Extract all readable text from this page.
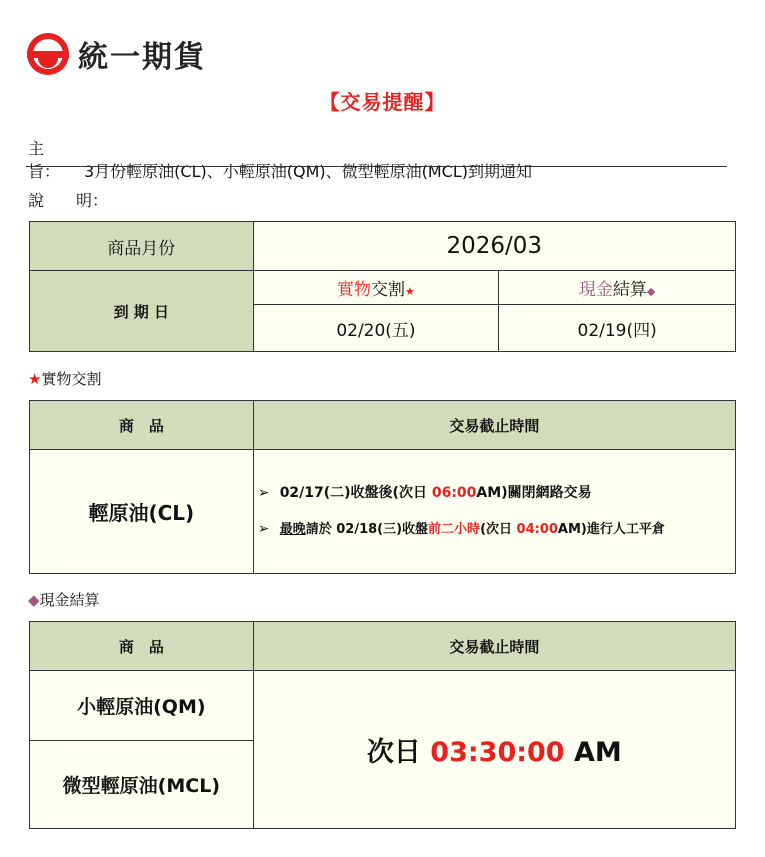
統一期貨
【交易提醒】
主　　旨： 3月份輕原油(CL)、小輕原油(QM)、微型輕原油(MCL)到期通知
說　　明：
商品月份	2026/03	
到 期 日	實物交割★	現金結算◆
	02/20(五)	02/19(四)
★實物交割
商　品	交易截止時間
輕原油(CL)	➢ 02/17(二)收盤後(次日 06:00AM)關閉網路交易
➢ 最晚請於 02/18(三)收盤前二小時(次日 04:00AM)進行人工平倉
◆現金結算
商　品	交易截止時間
小輕原油(QM)	次日 03:30:00 AM
微型輕原油(MCL)	
